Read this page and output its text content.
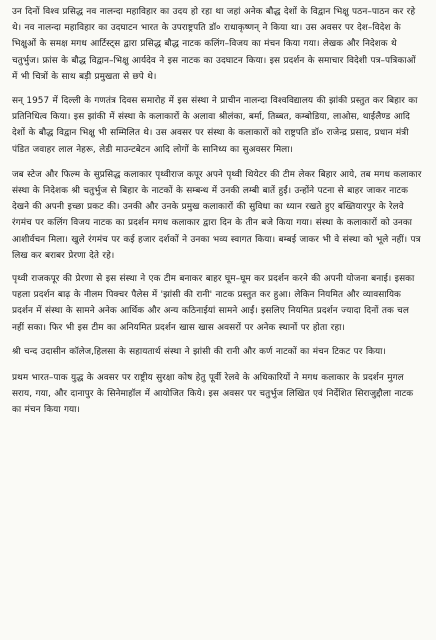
उन दिनों विश्व प्रसिद्ध नव नालन्दा महाविहार का उदय हो रहा था जहां अनेक बौद्ध देशों के विद्वान भिक्षु पठन–पाठन कर रहे थे। नव नालन्दा महाविहार का उदघाटन भारत के उपराष्ट्रपति डॉ० राधाकृष्णन् ने किया था। उस अवसर पर देश–विदेश के भिक्षुओं के समक्ष मगध आर्टिस्ट्स द्वारा प्रसिद्ध बौद्ध नाटक कलिंग–विजय का मंचन किया गया। लेखक और निदेशक थे चतुर्भुज। फ्रांस के बौद्ध विद्वान–भिक्षु आर्यदेव ने इस नाटक का उदघाटन किया। इस प्रदर्शन के समाचार विदेशी पत्र–पत्रिकाओं में भी चित्रों के साथ बड़ी प्रमुखता से छपे थे।

सन् 1957 में दिल्ली के गणतंत्र दिवस समारोह में इस संस्था ने प्राचीन नालन्दा विश्वविद्यालय की झांकी प्रस्तुत कर बिहार का प्रतिनिधित्व किया। इस झांकी में संस्था के कलाकारों के अलावा श्रीलंका, बर्मा, तिब्बत, कम्बोडिया, लाओस, थाईलैण्ड आदि देशों के बौद्ध विद्वान भिक्षु भी सम्मिलित थे। उस अवसर पर संस्था के कलाकारों को राष्ट्रपति डॉ० राजेन्द्र प्रसाद, प्रधान मंत्री पंडित जवाहर लाल नेहरू, लेडी माउन्टबेटन आदि लोगों के सानिध्य का सुअवसर मिला।

जब स्टेज और फिल्म के सुप्रसिद्ध कलाकार पृथ्वीराज कपूर अपने पृथ्वी थियेटर की टीम लेकर बिहार आये, तब मगध कलाकार संस्था के निदेशक श्री चतुर्भुज से बिहार के नाटकों के सम्बन्ध में उनकी लम्बी बातें हुईं। उन्होंने पटना से बाहर जाकर नाटक देखने की अपनी इच्छा प्रकट की। उनकी और उनके प्रमुख कलाकारों की सुविधा का ध्यान रखते हुए बख्तियारपुर के रेलवे रंगमंच पर कलिंग विजय नाटक का प्रदर्शन मगध कलाकार द्वारा दिन के तीन बजे किया गया। संस्था के कलाकारों को उनका आशीर्वचन मिला। खुले रंगमंच पर कई हजार दर्शकों ने उनका भव्य स्वागत किया। बम्बई जाकर भी वे संस्था को भूले नहीं। पत्र लिख कर बराबर प्रेरणा देते रहे।

पृथ्वी राजकपूर की प्रेरणा से इस संस्था ने एक टीम बनाकर बाहर घूम–घूम कर प्रदर्शन करने की अपनी योजना बनाई। इसका पहला प्रदर्शन बाढ़ के नीलम पिक्चर पैलेस में 'झांसी की रानी' नाटक प्रस्तुत कर हुआ। लेकिन नियमित और व्यावसायिक प्रदर्शन में संस्था के सामने अनेक आर्थिक और अन्य कठिनाईयां सामने आईं। इसलिए नियमित प्रदर्शन ज्यादा दिनों तक चल नहीं सका। फिर भी इस टीम का अनियमित प्रदर्शन खास खास अवसरों पर अनेक स्थानों पर होता रहा।

श्री चन्द उदासीन कॉलेज,हिलसा के सहायतार्थ संस्था ने झांसी की रानी और कर्ण नाटकों का मंचन टिकट पर किया।

प्रथम भारत–पाक युद्ध के अवसर पर राष्ट्रीय सुरक्षा कोष हेतु पूर्वी रेलवे के अधिकारियों ने मगध कलाकार के प्रदर्शन मुगल सराय, गया, और दानापुर के सिनेमाहॉल में आयोजित किये। इस अवसर पर चतुर्भुज लिखित एवं निर्देशित सिराजुद्दौला नाटक का मंचन किया गया।
